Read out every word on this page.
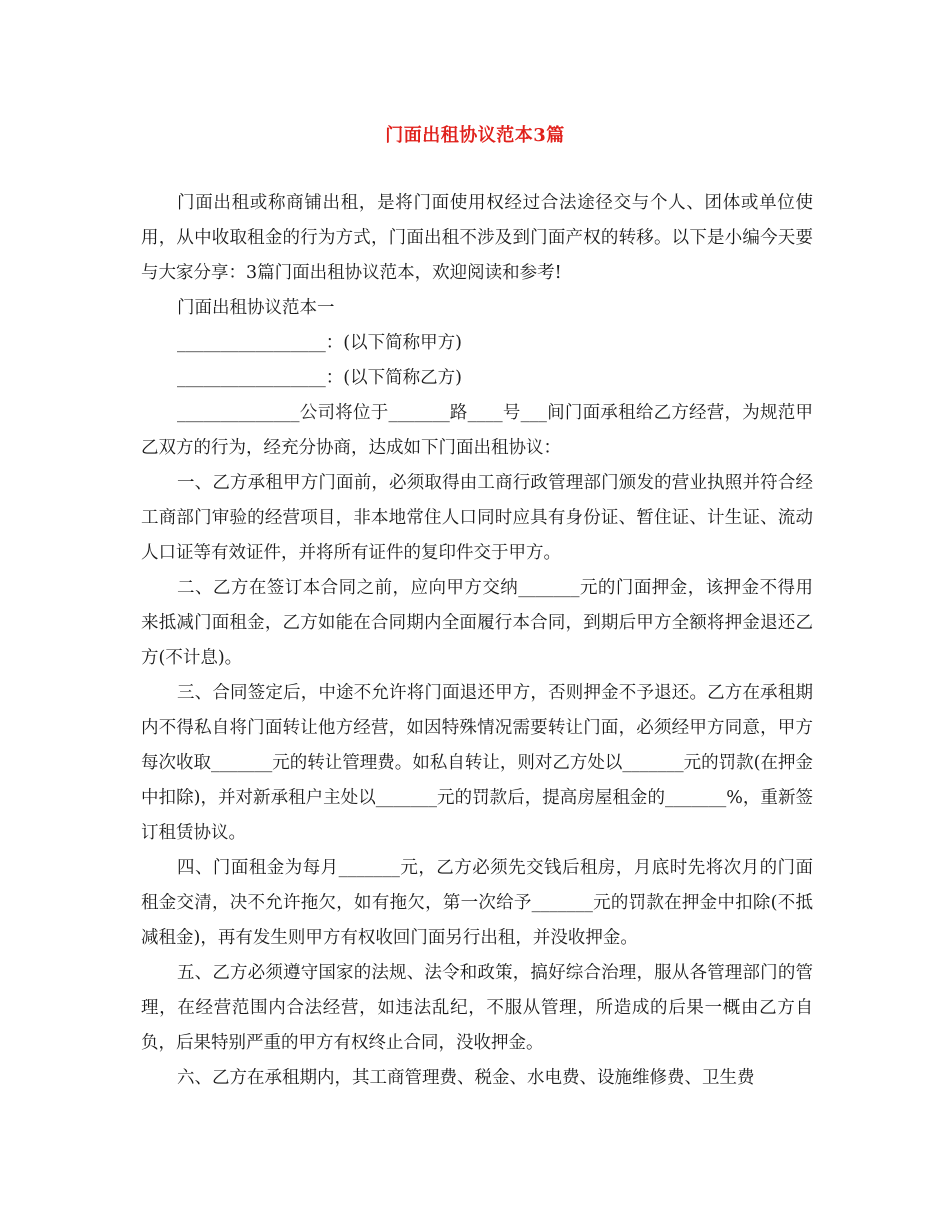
门面出租协议范本3篇

门面出租或称商铺出租，是将门面使用权经过合法途径交与个人、团体或单位使用，从中收取租金的行为方式，门面出租不涉及到门面产权的转移。以下是小编今天要与大家分享：3篇门面出租协议范本，欢迎阅读和参考!

门面出租协议范本一

_________________：(以下简称甲方)

_________________：(以下简称乙方)

______________公司将位于_______路____号___间门面承租给乙方经营，为规范甲乙双方的行为，经充分协商，达成如下门面出租协议：

一、乙方承租甲方门面前，必须取得由工商行政管理部门颁发的营业执照并符合经工商部门审验的经营项目，非本地常住人口同时应具有身份证、暂住证、计生证、流动人口证等有效证件，并将所有证件的复印件交于甲方。

二、乙方在签订本合同之前，应向甲方交纳_______元的门面押金，该押金不得用来抵减门面租金，乙方如能在合同期内全面履行本合同，到期后甲方全额将押金退还乙方(不计息)。

三、合同签定后，中途不允许将门面退还甲方，否则押金不予退还。乙方在承租期内不得私自将门面转让他方经营，如因特殊情况需要转让门面，必须经甲方同意，甲方每次收取_______元的转让管理费。如私自转让，则对乙方处以_______元的罚款(在押金中扣除)，并对新承租户主处以_______元的罚款后，提高房屋租金的_______%，重新签订租赁协议。

四、门面租金为每月_______元，乙方必须先交钱后租房，月底时先将次月的门面租金交清，决不允许拖欠，如有拖欠，第一次给予_______元的罚款在押金中扣除(不抵减租金)，再有发生则甲方有权收回门面另行出租，并没收押金。

五、乙方必须遵守国家的法规、法令和政策，搞好综合治理，服从各管理部门的管理，在经营范围内合法经营，如违法乱纪，不服从管理，所造成的后果一概由乙方自负，后果特别严重的甲方有权终止合同，没收押金。

六、乙方在承租期内，其工商管理费、税金、水电费、设施维修费、卫生费
